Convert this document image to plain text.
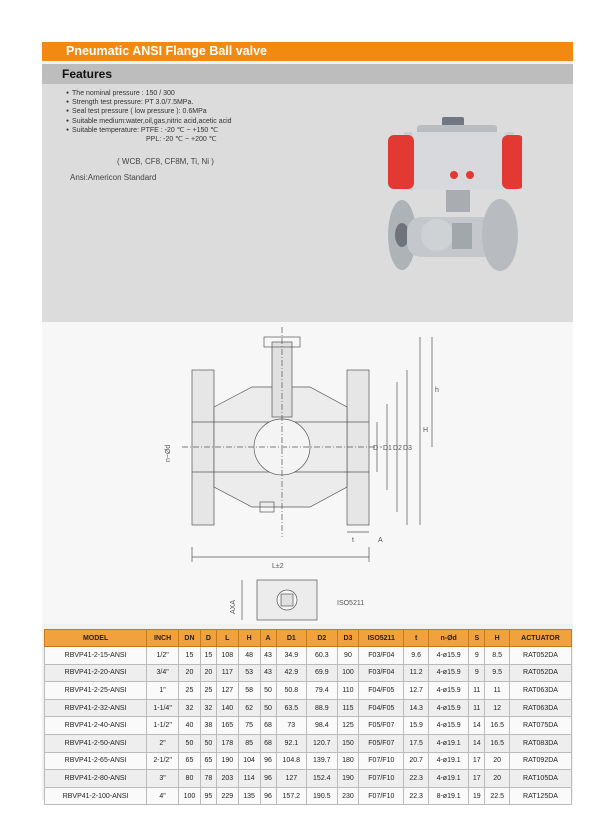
Pneumatic ANSI Flange Ball valve
Features
● The nominal pressure : 150 / 300
● Strength test pressure: PT 3.0/7.5MPa.
● Seal test pressure ( low pressure ): 0.6MPa
● Suitable medium:water,oil,gas,nitric acid,acetic acid
● Suitable temperature: PTFE : -20 ℃ ~ +150 ℃
PPL: -20 ℃ ~ +200 ℃
( WCB, CF8, CF8M, Ti, Ni )
Ansi:Americon Standard
L±2
D D1 D2 D3
H
h
t	A
n~Ød
AXA	ISO5211
MODEL	INCH	DN	D	L	H	A	D1	D2	D3	ISO5211	t	n-Ød	S	H	ACTUATOR
RBVP41-2-15-ANSI	1/2"	15	15	108	48	43	34.9	60.3	90	F03/F04	9.6	4-ø15.9	9	8.5	RAT052DA
RBVP41-2-20-ANSI	3/4"	20	20	117	53	43	42.9	69.9	100	F03/F04	11.2	4-ø15.9	9	9.5	RAT052DA
RBVP41-2-25-ANSI	1"	25	25	127	58	50	50.8	79.4	110	F04/F05	12.7	4-ø15.9	11	11	RAT063DA
RBVP41-2-32-ANSI	1-1/4"	32	32	140	62	50	63.5	88.9	115	F04/F05	14.3	4-ø15.9	11	12	RAT063DA
RBVP41-2-40-ANSI	1-1/2"	40	38	165	75	68	73	98.4	125	F05/F07	15.9	4-ø15.9	14	16.5	RAT075DA
RBVP41-2-50-ANSI	2"	50	50	178	85	68	92.1	120.7	150	F05/F07	17.5	4-ø19.1	14	16.5	RAT083DA
RBVP41-2-65-ANSI	2-1/2"	65	65	190	104	96	104.8	139.7	180	F07/F10	20.7	4-ø19.1	17	20	RAT092DA
RBVP41-2-80-ANSI	3"	80	78	203	114	96	127	152.4	190	F07/F10	22.3	4-ø19.1	17	20	RAT105DA
RBVP41-2-100-ANSI	4"	100	95	229	135	96	157.2	190.5	230	F07/F10	22.3	8-ø19.1	19	22.5	RAT125DA
